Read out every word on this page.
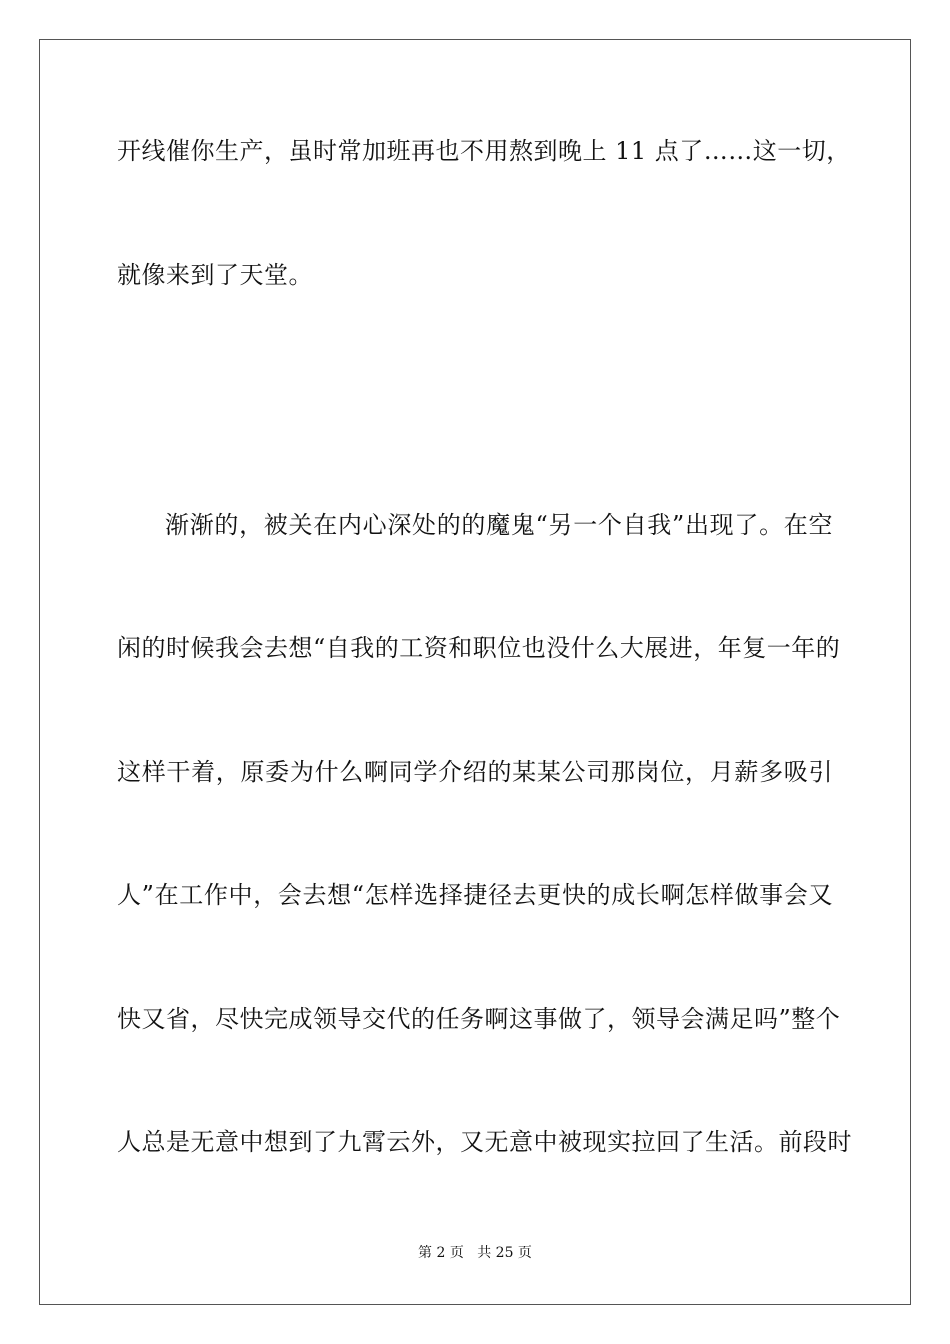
开线催你生产，虽时常加班再也不用熬到晚上 11 点了……这一切，
就像来到了天堂。
渐渐的，被关在内心深处的的魔鬼“另一个自我”出现了。在空
闲的时候我会去想“自我的工资和职位也没什么大展进，年复一年的
这样干着，原委为什么啊同学介绍的某某公司那岗位，月薪多吸引
人”在工作中，会去想“怎样选择捷径去更快的成长啊怎样做事会又
快又省，尽快完成领导交代的任务啊这事做了，领导会满足吗”整个
人总是无意中想到了九霄云外，又无意中被现实拉回了生活。前段时
第 2 页 共 25 页
